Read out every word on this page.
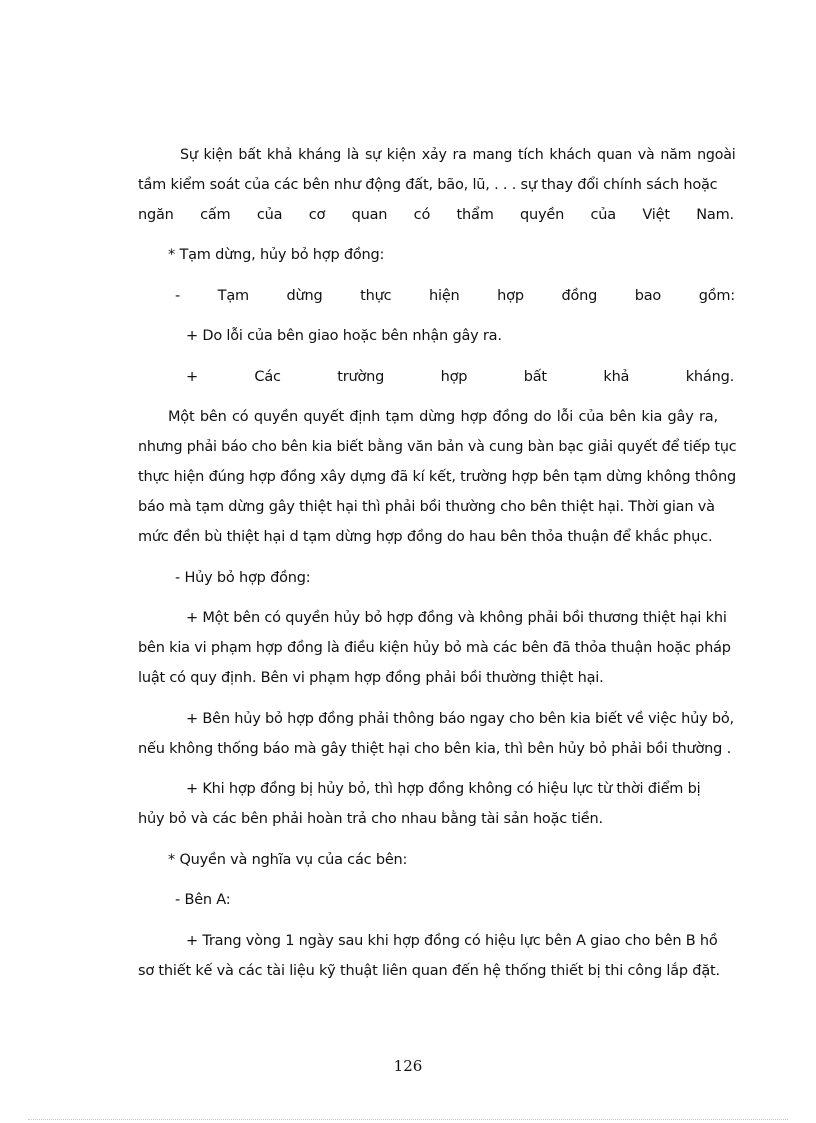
Sự kiện bất khả kháng là sự kiện xảy ra mang tích khách quan và năm ngoài
tầm kiểm soát của các bên như động đất, bão, lũ, . . . sự thay đổi chính sách hoặc
ngăn cấm của cơ quan có thẩm quyền của Việt Nam.
* Tạm dừng, hủy bỏ hợp đồng:
-	Tạm	dừng	thực	hiện	hợp	đồng	bao	gồm:
+ Do lỗi của bên giao hoặc bên nhận gây ra.
+	Các	trường	hợp	bất	khả	kháng.
Một bên có quyền quyết định tạm dừng hợp đồng do lỗi của bên kia gây ra,
nhưng phải báo cho bên kia biết bằng văn bản và cung bàn bạc giải quyết để tiếp tục
thực hiện đúng hợp đồng xây dựng đã kí kết, trường hợp bên tạm dừng không thông
báo mà tạm dừng gây thiệt hại thì phải bồi thường cho bên thiệt hại. Thời gian và
mức đền bù thiệt hại d tạm dừng hợp đồng do hau bên thỏa thuận để khắc phục.
- Hủy bỏ hợp đồng:
+ Một bên có quyền hủy bỏ hợp đồng và không phải bồi thương thiệt hại khi
bên kia vi phạm hợp đồng là điều kiện hủy bỏ mà các bên đã thỏa thuận hoặc pháp
luật có quy định. Bên vi phạm hợp đồng phải bồi thường thiệt hại.
+ Bên hủy bỏ hợp đồng phải thông báo ngay cho bên kia biết về việc hủy bỏ,
nếu không thống báo mà gây thiệt hại cho bên kia, thì bên hủy bỏ phải bồi thường .
+ Khi hợp đồng bị hủy bỏ, thì hợp đồng không có hiệu lực từ thời điểm bị
hủy bỏ và các bên phải hoàn trả cho nhau bằng tài sản hoặc tiền.
* Quyền và nghĩa vụ của các bên:
- Bên A:
+ Trang vòng 1 ngày sau khi hợp đồng có hiệu lực bên A giao cho bên B hồ
sơ thiết kế và các tài liệu kỹ thuật liên quan đến hệ thống thiết bị thi công lắp đặt.
126
